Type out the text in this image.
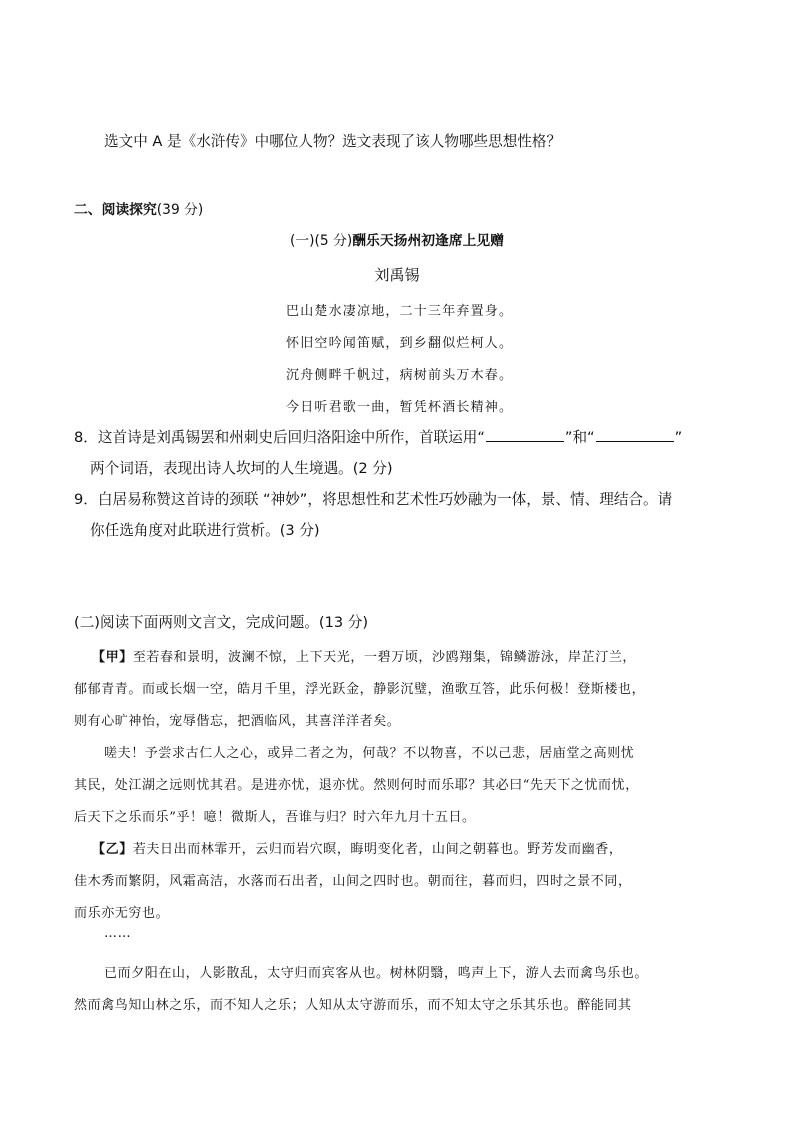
选文中 A 是《水浒传》中哪位人物？选文表现了该人物哪些思想性格？
二、阅读探究(39 分)
(一)(5 分)酬乐天扬州初逢席上见赠
刘禹锡
巴山楚水凄凉地，二十三年弃置身。
怀旧空吟闻笛赋，到乡翻似烂柯人。
沉舟侧畔千帆过，病树前头万木春。
今日听君歌一曲，暂凭杯酒长精神。
8．这首诗是刘禹锡罢和州刺史后回归洛阳途中所作，首联运用“	”和“	”
两个词语，表现出诗人坎坷的人生境遇。(2 分)
9．白居易称赞这首诗的颈联 “神妙”，将思想性和艺术性巧妙融为一体，景、情、理结合。请
你任选角度对此联进行赏析。(3 分)
(二)阅读下面两则文言文，完成问题。(13 分)
【甲】至若春和景明，波澜不惊，上下天光，一碧万顷，沙鸥翔集，锦鳞游泳，岸芷汀兰，
郁郁青青。而或长烟一空，皓月千里，浮光跃金，静影沉璧，渔歌互答，此乐何极！登斯楼也，
则有心旷神怡，宠辱偕忘，把酒临风，其喜洋洋者矣。
嗟夫！予尝求古仁人之心，或异二者之为，何哉？不以物喜，不以己悲，居庙堂之高则忧
其民，处江湖之远则忧其君。是进亦忧，退亦忧。然则何时而乐耶？其必曰“先天下之忧而忧，
后天下之乐而乐”乎！噫！微斯人，吾谁与归？时六年九月十五日。
【乙】若夫日出而林霏开，云归而岩穴暝，晦明变化者，山间之朝暮也。野芳发而幽香，
佳木秀而繁阴，风霜高洁，水落而石出者，山间之四时也。朝而往，暮而归，四时之景不同，
而乐亦无穷也。
……
已而夕阳在山，人影散乱，太守归而宾客从也。树林阴翳，鸣声上下，游人去而禽鸟乐也。
然而禽鸟知山林之乐，而不知人之乐；人知从太守游而乐，而不知太守之乐其乐也。醉能同其
